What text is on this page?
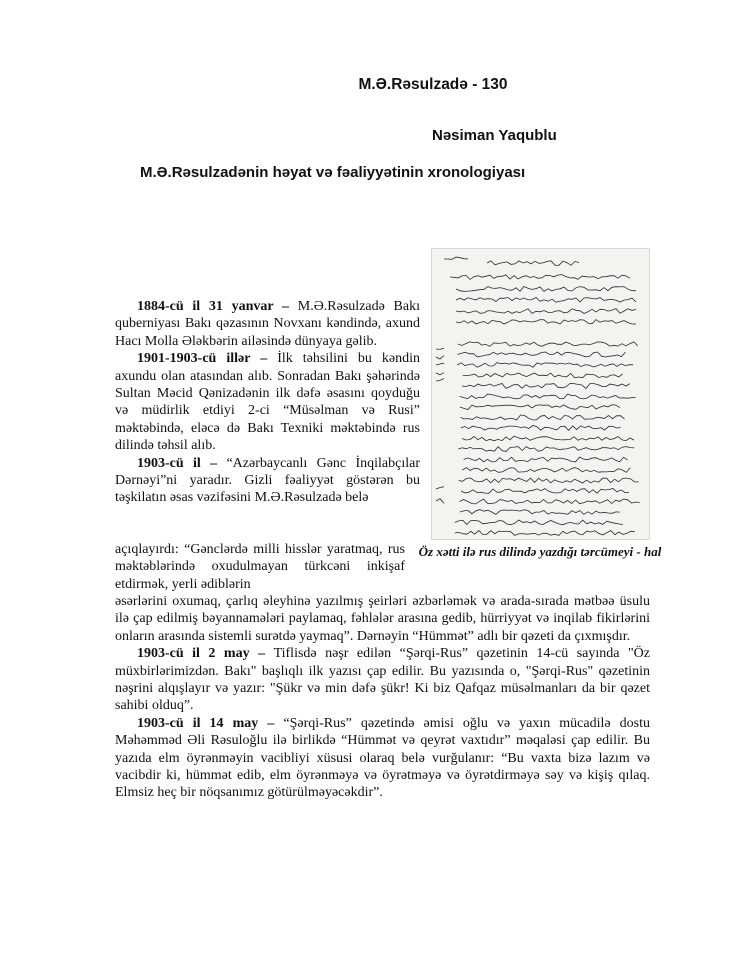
M.Ə.Rəsulzadə - 130
Nəsiman Yaqublu
M.Ə.Rəsulzadənin həyat və fəaliyyətinin xronologiyası
Öz xətti ilə rus dilində yazdığı tərcümeyi - hal

1884-cü il 31 yanvar – M.Ə.Rəsulzadə Bakı quberniyası Bakı qəzasının Novxanı kəndində, axund Hacı Molla Ələkbərin ailəsində dünyaya gəlib.

1901-1903-cü illər – İlk təhsilini bu kəndin axundu olan atasından alıb. Sonradan Bakı şəhərində Sultan Məcid Qənizadənin ilk dəfə əsasını qoyduğu və müdirlik etdiyi 2-ci “Müsəlman və Rusi” məktəbində, eləcə də Bakı Texniki məktəbində rus dilində təhsil alıb.

1903-cü il – “Azərbaycanlı Gənc İnqilabçılar Dərnəyi”ni yaradır. Gizli fəaliyyət göstərən bu təşkilatın əsas vəzifəsini M.Ə.Rəsulzadə belə

açıqlayırdı: “Gənclərdə milli hisslər yaratmaq, rus məktəblərində oxudulmayan türkcəni inkişaf etdirmək, yerli ədiblərin

əsərlərini oxumaq, çarlıq əleyhinə yazılmış şeirləri əzbərləmək və arada-sırada mətbəə üsulu ilə çap edilmiş bəyannamələri paylamaq, fəhlələr arasına gedib, hürriyyət və inqilab fikirlərini onların arasında sistemli surətdə yaymaq”. Dərnəyin “Hümmət” adlı bir qəzeti da çıxmışdır.

1903-cü il 2 may – Tiflisdə nəşr edilən “Şərqi-Rus” qəzetinin 14-cü sayında "Öz müxbirlərimizdən. Bakı" başlıqlı ilk yazısı çap edilir. Bu yazısında o, "Şərqi-Rus" qəzetinin nəşrini alqışlayır və yazır: "Şükr və min dəfə şükr! Ki biz Qafqaz müsəlmanları da bir qəzet sahibi olduq”.

1903-cü il 14 may – “Şərqi-Rus” qəzetində əmisi oğlu və yaxın mücadilə dostu Məhəmməd Əli Rəsuloğlu ilə birlikdə “Hümmət və qeyrət vaxtıdır” məqaləsi çap edilir. Bu yazıda elm öyrənməyin vacibliyi xüsusi olaraq belə vurğulanır: “Bu vaxta bizə lazım və vacibdir ki, hümmət edib, elm öyrənməyə və öyrətməyə və öyrətdirməyə səy və kişiş qılaq. Elmsiz heç bir nöqsanımız götürülməyəcəkdir”.
